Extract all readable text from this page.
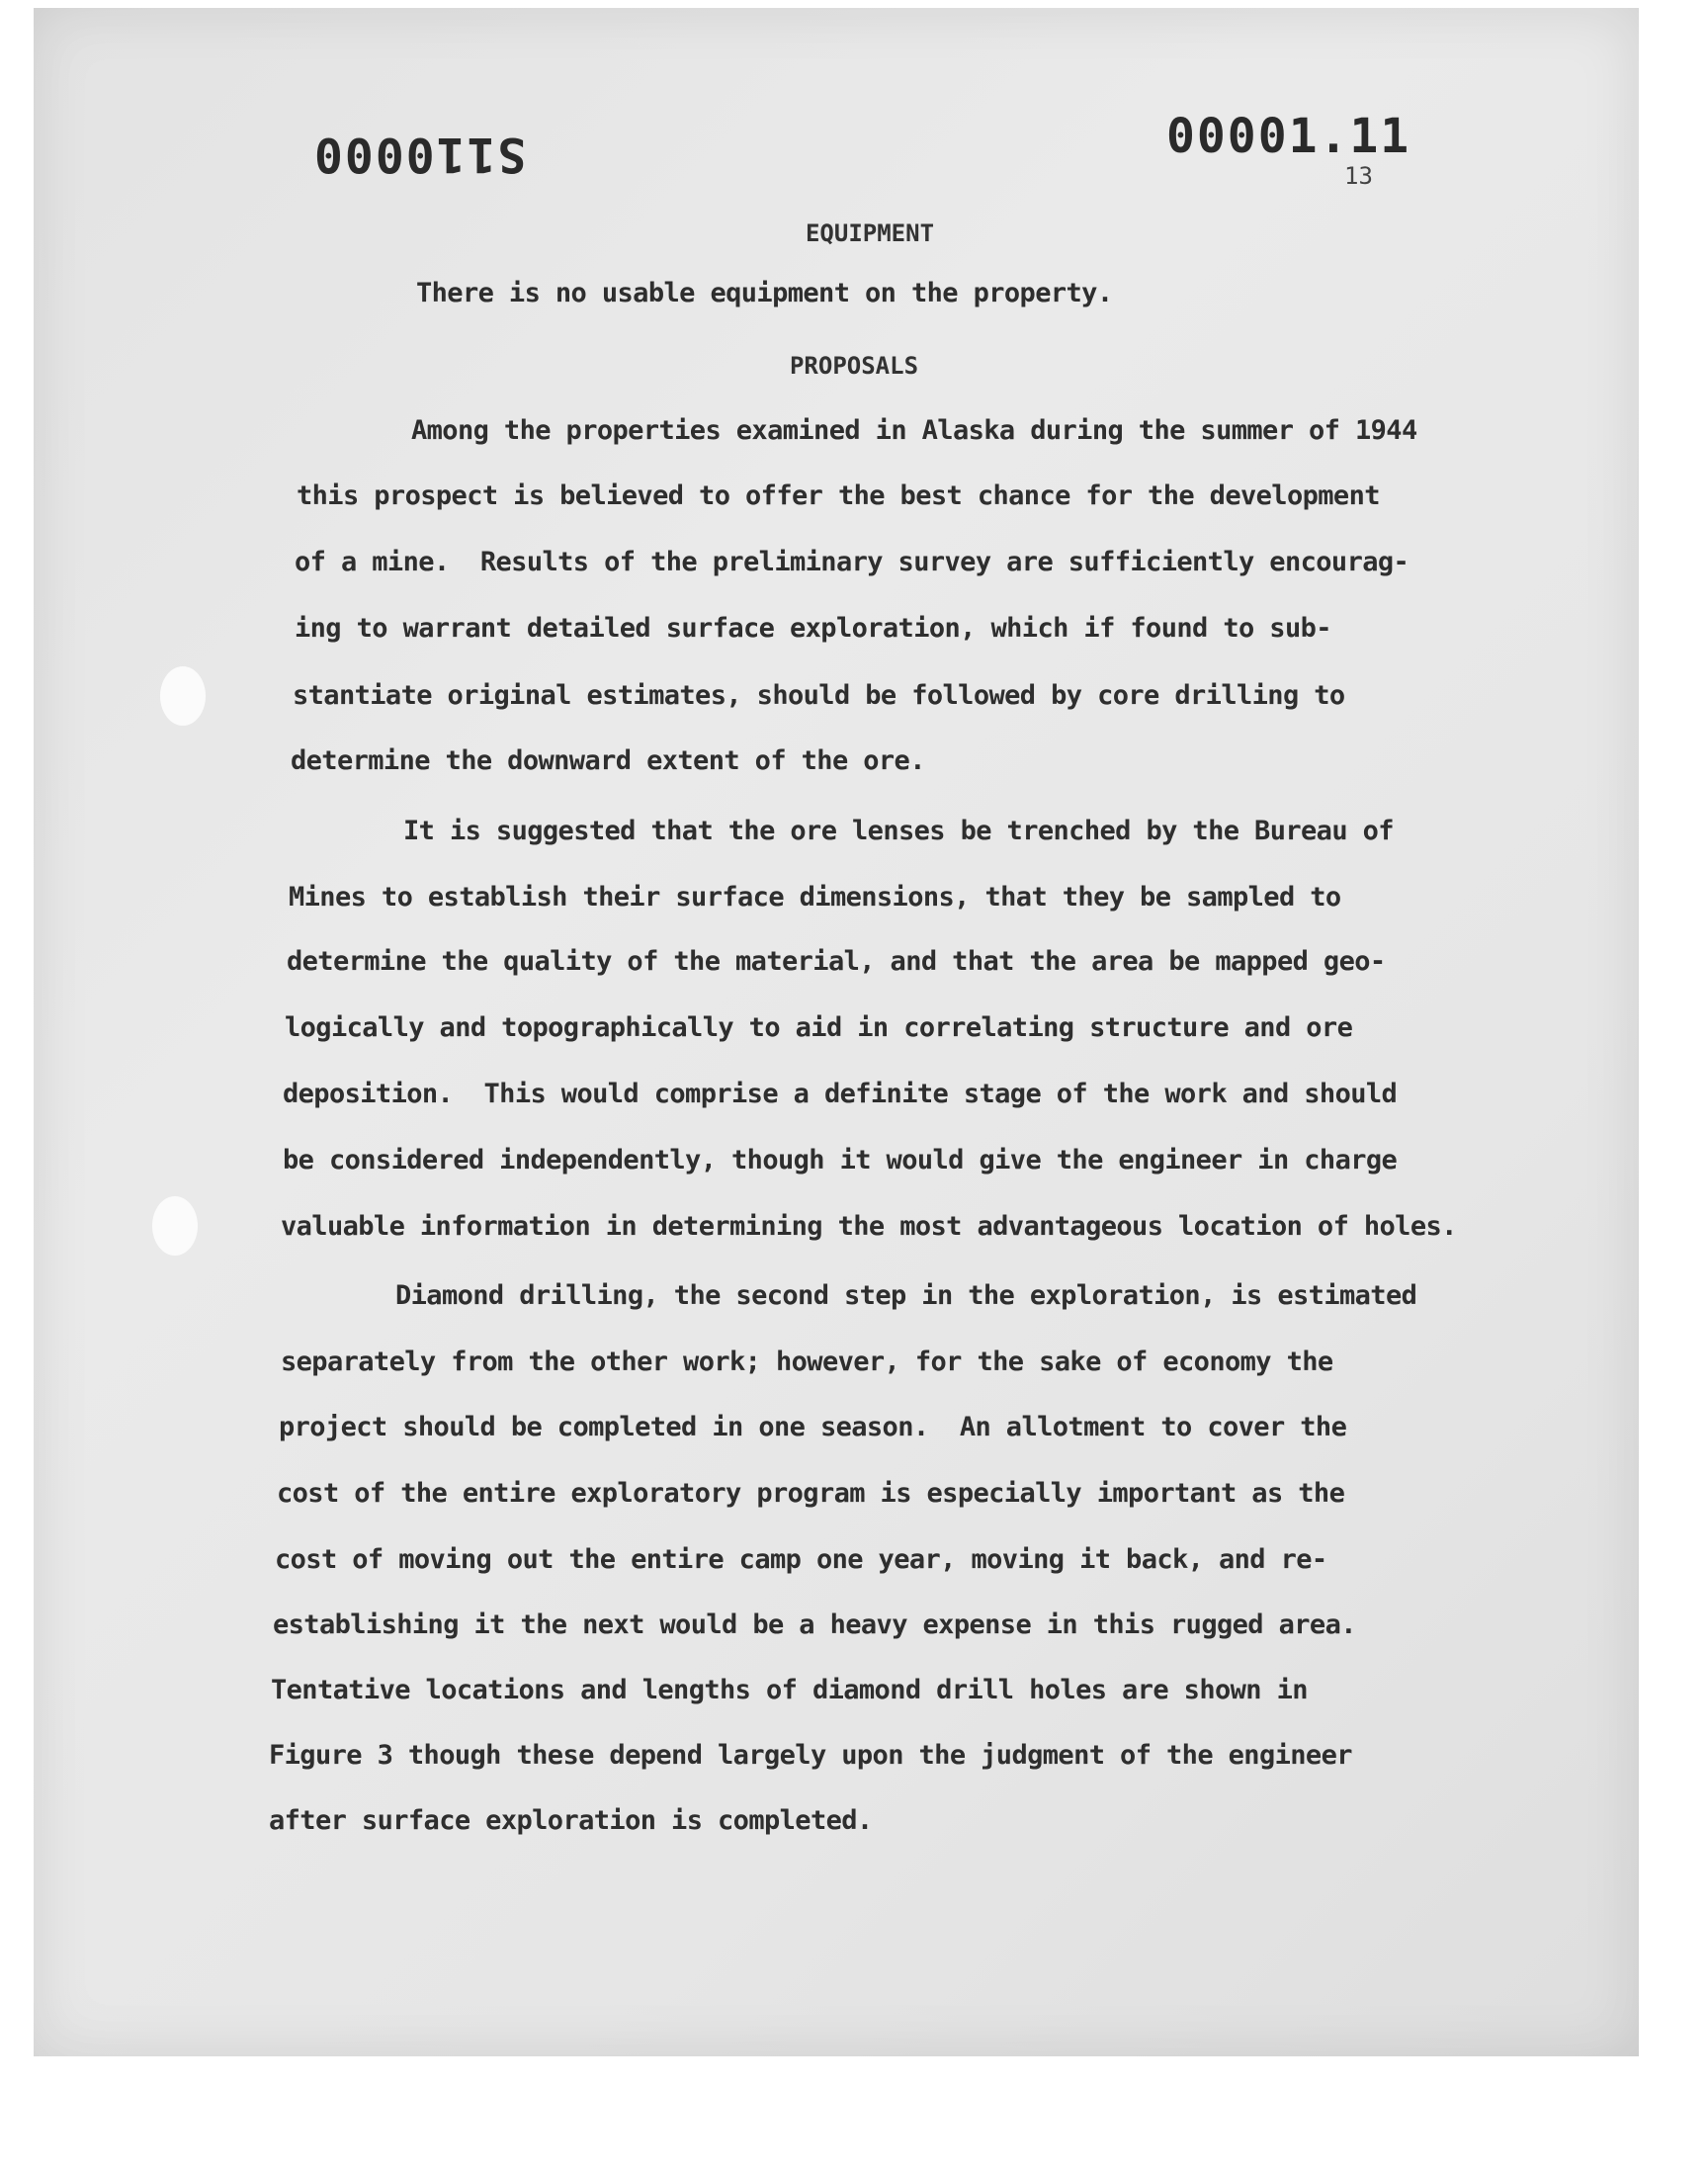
S110000	00001.11
13
EQUIPMENT
There is no usable equipment on the property.
PROPOSALS
Among the properties examined in Alaska during the summer of 1944
this prospect is believed to offer the best chance for the development
of a mine.  Results of the preliminary survey are sufficiently encourag-
ing to warrant detailed surface exploration, which if found to sub-
stantiate original estimates, should be followed by core drilling to
determine the downward extent of the ore.
It is suggested that the ore lenses be trenched by the Bureau of
Mines to establish their surface dimensions, that they be sampled to
determine the quality of the material, and that the area be mapped geo-
logically and topographically to aid in correlating structure and ore
deposition.  This would comprise a definite stage of the work and should
be considered independently, though it would give the engineer in charge
valuable information in determining the most advantageous location of holes.
Diamond drilling, the second step in the exploration, is estimated
separately from the other work; however, for the sake of economy the
project should be completed in one season.  An allotment to cover the
cost of the entire exploratory program is especially important as the
cost of moving out the entire camp one year, moving it back, and re-
establishing it the next would be a heavy expense in this rugged area.
Tentative locations and lengths of diamond drill holes are shown in
Figure 3 though these depend largely upon the judgment of the engineer
after surface exploration is completed.
